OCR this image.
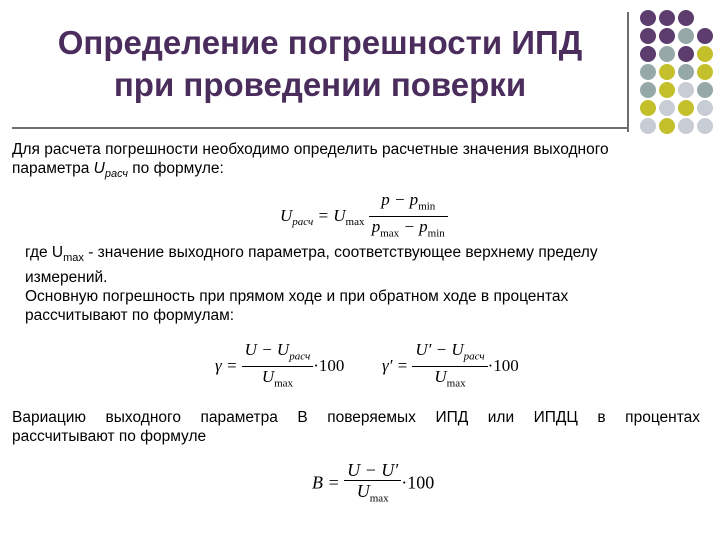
Определение погрешности ИПД
при проведении поверки
Для расчета погрешности необходимо определить расчетные значения выходного
параметра $U_{расч}$ по формуле:
$U_{расч} = U_{max} \frac{p - p_{min}}{p_{max} - p_{min}}$
где $U_{max}$ - значение выходного параметра, соответствующее верхнему пределу
измерений.
Основную погрешность при прямом ходе и при обратном ходе в процентах
рассчитывают по формулам:
$\gamma = \frac{U - U_{расч}}{U_{max}} \cdot 100$ $\gamma' = \frac{U' - U_{расч}}{U_{max}} \cdot 100$
Вариацию выходного параметра В поверяемых ИПД или ИПДЦ в процентах
рассчитывают по формуле
$B = \frac{U - U'}{U_{max}} \cdot 100$
